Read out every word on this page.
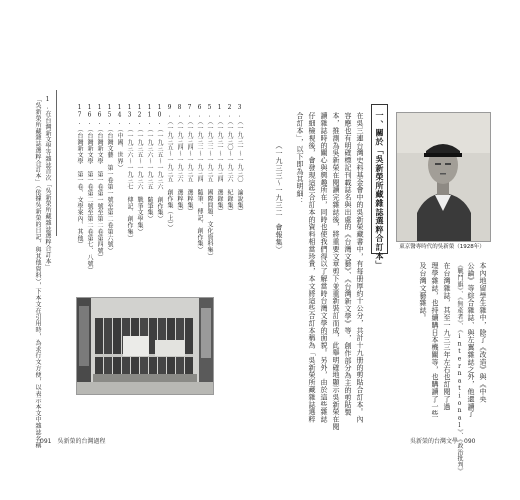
東京醫專時代的吳新榮（1928年）
一、關於「吳新榮所藏雜誌選粹合訂本」
在吳三連台灣史料基金會中的吳新榮藏書中，有每册厚約十公分，共計十九册的剪貼合訂本。內
容應也有明確標記刊載誌名與出處的《台灣文藝》、《台灣新文學》等，創作部分為主的剪貼製
本，推測為吳新榮在閱讀完雜誌後，將重要文章剪下並重新裝訂而成，此舉明確地顯示吳新榮在閱
讀雜誌時的關心與興趣所在，同時也使我們得以了解當時台灣文學的面貌。另外，由於這些雜誌
仔細檢視後，會發現這些合訂本的資料相當珍貴，本文將這些合訂本稱為「吳新榮所藏雜誌選粹
合訂本」，以下即為其明細：
（一九三三～一九三二　會報集）
本內地留學生雜中，除了《改造》與《中央
公論》等綜合雜誌、與左翼雜誌之外，他還讀了
《戰鬥旗》、《無產者》、《international》、《政治批判》
在台灣雜誌，其至一九三三年左右也訂閱了過
理學雜誌，也持續購日本機關等，也購讀了一些
及台灣文藝雜誌。
吳新榮的台灣文學　090
3.（一九三一～一九三〇　論說集）
2.（一九三〇～一九三六　紀錄集）
1.（一九三一～一九三四　選錄集）
5.（一九三二～一九三五　國際問題、文化資料集）
6.（一九三二～一九三四　隨筆、傳記、創作集）
7.（一九三四～一九三五　選粹集）
8.（一九三四～一九三六　選粹集）
9.（一九三五～一九三五　創作集（上））
10.（一九三五～一九三六　創作集）
11.（一九三六～一九三五　隨筆集）
12.（一九三五～一九三六　戰爭文學集）
13.（一九三六～一九三七　傳記、創作集）
14.（中國、世界）
15.（台灣文藝　第一卷第一號至第二卷第六號）
16.（台灣新文學　第一卷第一號至第二卷第四號）
16.（台灣新文學　第一卷第二號至第二卷第七、八號）
17.（台灣新文學　第一卷、文學案內、其他）
1.在台灣新文學等雜誌首次「吳新榮所藏雜誌選粹合訂本」
「吳新榮所藏雜誌選粹合訂本」（依據吳新榮的日記，與其他資料），下本文在引用時，為求行文方便，以表示本文中雜誌名稱 091　吳新榮的台灣過程
